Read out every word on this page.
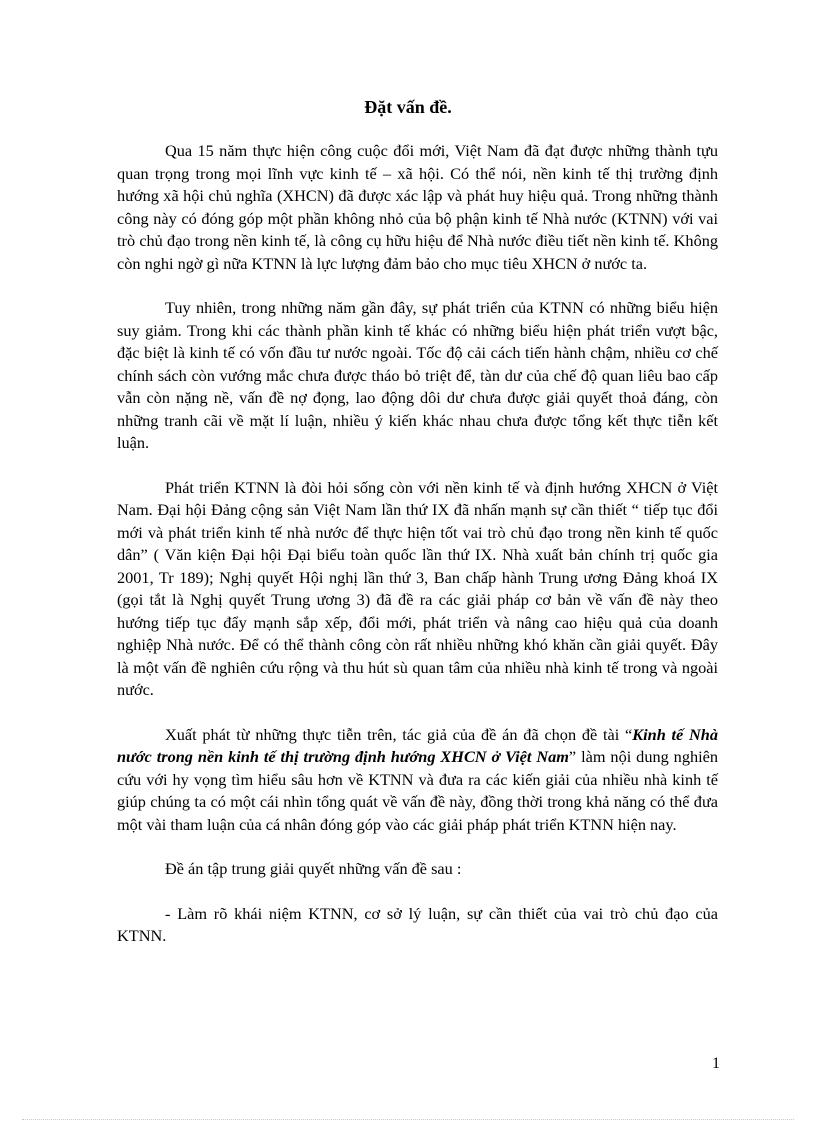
Đặt vấn đề.

Qua 15 năm thực hiện công cuộc đổi mới, Việt Nam đã đạt được những thành tựu quan trọng trong mọi lĩnh vực kinh tế – xã hội. Có thể nói, nền kinh tế thị trường định hướng xã hội chủ nghĩa (XHCN) đã được xác lập và phát huy hiệu quả. Trong những thành công này có đóng góp một phần không nhỏ của bộ phận kinh tế Nhà nước (KTNN) với vai trò chủ đạo trong nền kinh tế, là công cụ hữu hiệu để Nhà nước điều tiết nền kinh tế. Không còn nghi ngờ gì nữa KTNN là lực lượng đảm bảo cho mục tiêu XHCN ở nước ta.

Tuy nhiên, trong những năm gần đây, sự phát triển của KTNN có những biểu hiện suy giảm. Trong khi các thành phần kinh tế khác có những biểu hiện phát triển vượt bậc, đặc biệt là kinh tế có vốn đầu tư nước ngoài. Tốc độ cải cách tiến hành chậm, nhiều cơ chế chính sách còn vướng mắc chưa được tháo bỏ triệt để, tàn dư của chế độ quan liêu bao cấp vẫn còn nặng nề, vấn đề nợ đọng, lao động dôi dư chưa được giải quyết thoả đáng, còn những tranh cãi về mặt lí luận, nhiều ý kiến khác nhau chưa được tổng kết thực tiễn kết luận.

Phát triển KTNN là đòi hỏi sống còn với nền kinh tế và định hướng XHCN ở Việt Nam. Đại hội Đảng cộng sản Việt Nam lần thứ IX đã nhấn mạnh sự cần thiết “ tiếp tục đổi mới và phát triển kinh tế nhà nước để thực hiện tốt vai trò chủ đạo trong nền kinh tế quốc dân” ( Văn kiện Đại hội Đại biểu toàn quốc lần thứ IX. Nhà xuất bản chính trị quốc gia 2001, Tr 189); Nghị quyết Hội nghị lần thứ 3, Ban chấp hành Trung ương Đảng khoá IX (gọi tắt là Nghị quyết Trung ương 3) đã đề ra các giải pháp cơ bản về vấn đề này theo hướng tiếp tục đẩy mạnh sắp xếp, đổi mới, phát triển và nâng cao hiệu quả của doanh nghiệp Nhà nước. Để có thể thành công còn rất nhiều những khó khăn cần giải quyết. Đây là một vấn đề nghiên cứu rộng và thu hút sù quan tâm của nhiều nhà kinh tế trong và ngoài nước.

Xuất phát từ những thực tiễn trên, tác giả của đề án đã chọn đề tài “Kinh tế Nhà nước trong nền kinh tế thị trường định hướng XHCN ở Việt Nam” làm nội dung nghiên cứu với hy vọng tìm hiểu sâu hơn về KTNN và đưa ra các kiến giải của nhiều nhà kinh tế giúp chúng ta có một cái nhìn tổng quát về vấn đề này, đồng thời trong khả năng có thể đưa một vài tham luận của cá nhân đóng góp vào các giải pháp phát triển KTNN hiện nay.

Đề án tập trung giải quyết những vấn đề sau :

- Làm rõ khái niệm KTNN, cơ sở lý luận, sự cần thiết của vai trò chủ đạo của KTNN.

1
